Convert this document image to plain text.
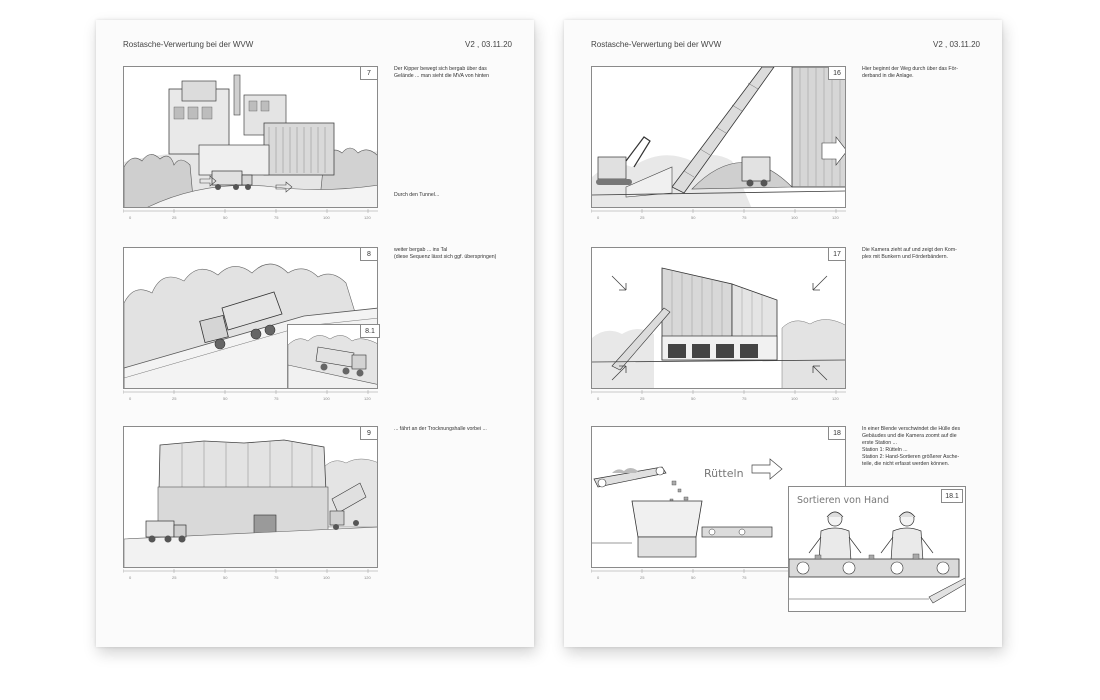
Rostasche-Verwertung bei der WVW	V2 , 03.11.20
7
0	25	50	75	100	120
Der Kipper bewegt sich bergab über das
Gelände ... man sieht die MVA von hinten
Durch den Tunnel...
8
8.1
0	25	50	75	100	120
weiter bergab ... ins Tal
(diese Sequenz lässt sich ggf. überspringen)
9
0	25	50	75	100	120
... fährt an der Trocknungshalle vorbei ...
Rostasche-Verwertung bei der WVW	V2 , 03.11.20
16
0	25	50	75	100	120
Hier beginnt der Weg durch über das För-
derband in die Anlage.
17
0	25	50	75	100	120
Die Kamera zieht auf und zeigt den Kom-
plex mit Bunkern und Förderbändern.
Rütteln
18
0	25	50	75
In einer Blende verschwindet die Hülle des
Gebäudes und die Kamera zoomt auf die
erste Station ...
Station 1: Rütteln ...
Station 2: Hand-Sortieren größerer Asche-
teile, die nicht erfasst werden können.
Sortieren von Hand	18.1
